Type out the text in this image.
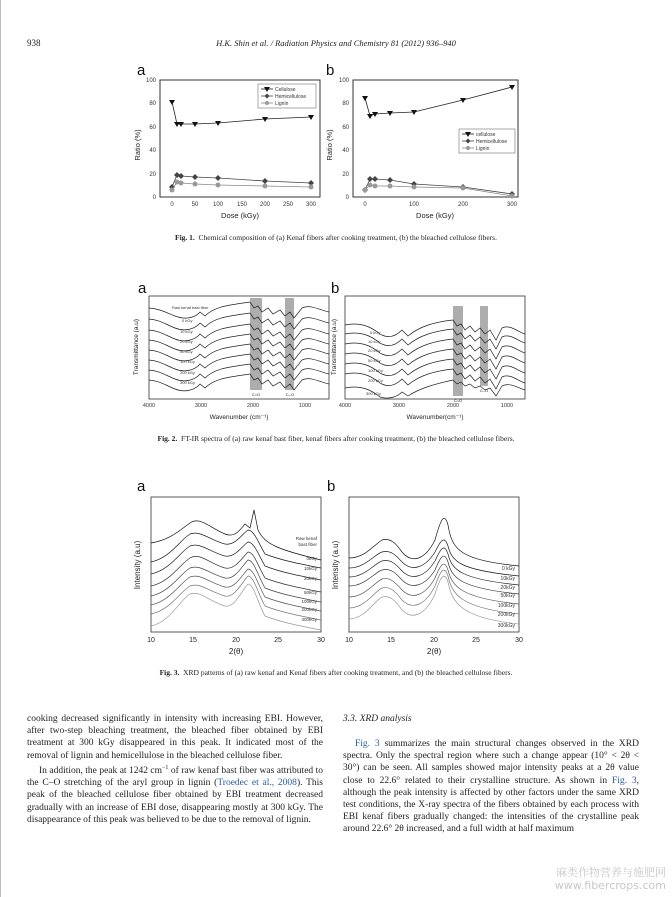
938	H.K. Shin et al. / Radiation Physics and Chemistry 81 (2012) 936–940
a	b
0
20
40
60
80
100
0	50 100 150 200 250 300
Dose (kGy)
Ratio (%)
Cellulose
Hemicellulose
Lignin
0
20
40
60
80
100
0	100	200	300
Dose (kGy)
Ratio (%)	cellulose
Hemicellulose
Lignin
Fig. 1. Chemical composition of (a) Kenaf fibers after cooking treatment, (b) the bleached cellulose fibers.
a	b
Raw kenaf bast fiber
0 kGy
10 kGy
20 kGy
50 kGy
100 kGy
200 kGy
300 kGy
C=O	C–O
4000	3000	2000	1000
Wavenumber (cm⁻¹)
Transmittance (a.u)	0 kGy
10 kGy
20 kGy
50 kGy
100 kGy
200 kGy
300 kGy
C=O
C–O
4000	3000	2000	1000
Wavenumber(cm⁻¹)
Transmittance (a.u)
Fig. 2. FT-IR spectra of (a) raw kenaf bast fiber, kenaf fibers after cooking treatment, (b) the bleached cellulose fibers.
a	b
Raw kenaf
bast fiber
0kGy
10kGy
20kGy
50kGy
100kGy
200kGy
300kGy
10	15	20	25	30
2(θ)
Intensity (a.u)	0 kGy
10kGy
20kGy
50kGy
100kGy
200kGy
300kGy
10	15	20	25	30
2(θ)
Intensity (a.u)
Fig. 3. XRD patterns of (a) raw kenaf and Kenaf fibers after cooking treatment, and (b) the bleached cellulose fibers.

cooking decreased significantly in intensity with increasing EBI. However, after two-step bleaching treatment, the bleached fiber obtained by EBI treatment at 300 kGy disappeared in this peak. It indicated most of the removal of lignin and hemicellulose in the bleached cellulose fiber.

In addition, the peak at 1242 $cm^{-1}$ of raw kenaf bast fiber was attributed to the C–O stretching of the aryl group in lignin (Troedec et al., 2008). This peak of the bleached cellulose fiber obtained by EBI treatment decreased gradually with an increase of EBI dose, disappearing mostly at 300 kGy. The disappearance of this peak was believed to be due to the removal of lignin.

3.3. XRD analysis

Fig. 3 summarizes the main structural changes observed in the XRD spectra. Only the spectral region where such a change appear (10° < 2θ < 30°) can be seen. All samples showed major intensity peaks at a 2θ value close to 22.6° related to their crystalline structure. As shown in Fig. 3, although the peak intensity is affected by other factors under the same XRD test conditions, the X-ray spectra of the fibers obtained by each process with EBI kenaf fibers gradually changed: the intensities of the crystalline peak around 22.6° 2θ increased, and a full width at half maximum

麻类作物营养与施肥网
www.fibercrops.com
